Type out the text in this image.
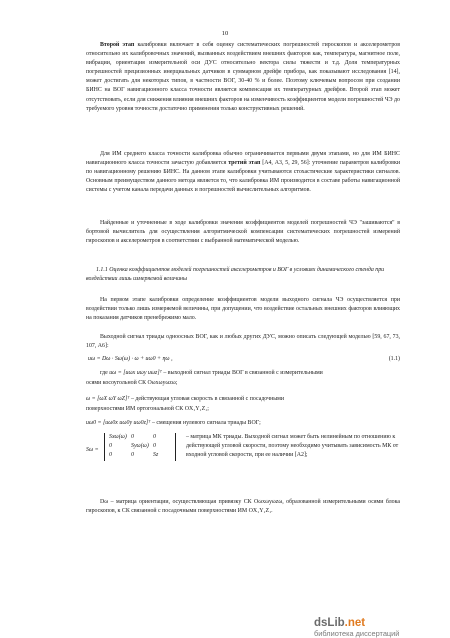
10

Второй этап калибровки включает в себя оценку систематических погрешностей гироскопов и акселерометров относительно их калибровочных значений, вызванных воздействием внешних факторов как, температура, магнитное поле, вибрации, ориентация измерительной оси ДУС относительно вектора силы тяжести и т.д. Доля температурных погрешностей прецизионных инерциальных датчиков в суммарном дрейфе прибора, как показывают исследования [14], может достигать для некоторых типов, в частности ВОГ, 30-40 % и более. Поэтому ключевым вопросом при создании БИНС на ВОГ навигационного класса точности является компенсация их температурных дрейфов. Второй этап может отсутствовать, если для снижения влияния внешних факторов на изменчивость коэффициентов модели погрешностей ЧЭ до требуемого уровня точности достаточно применения только конструктивных решений.

Для ИМ среднего класса точности калибровка обычно ограничивается первыми двумя этапами, но для ИМ БИНС навигационного класса точности зачастую добавляется третий этап [А4, А3, 5, 29, 56]: уточнение параметров калибровки по навигационному решению БИНС. На данном этапе калибровки учитываются стохастические характеристики сигналов. Основным преимуществом данного метода является то, что калибровка ИМ производится в составе работы навигационной системы с учетом канала передачи данных и погрешностей вычислительных алгоритмов.

Найденные и уточненные в ходе калибровки значения коэффициентов моделей погрешностей ЧЭ "зашиваются" в бортовой вычислитель для осуществления алгоритмической компенсации систематических погрешностей измерений гироскопов и акселерометров в соответствии с выбранной математической моделью.

1.1.1 Оценка коэффициентов моделей погрешностей акселерометров и ВОГ в условиях динамического стенда при воздействии лишь измеряемой величины

На первом этапе калибровки определение коэффициентов модели выходного сигнала ЧЭ осуществляется при воздействии только лишь измеряемой величины, при допущении, что воздействие остальных внешних факторов влияющих на показания датчиков пренебрежимо мало.

Выходной сигнал триады одноосных ВОГ, как и любых других ДУС, можно описать следующей моделью [59, 67, 73, 107, А6]:

uω = Dω · Sω(ω) · ω + uω0 + ηω ,	(1.1)
где uω = [uωx uωy uωz]ᵀ – выходной сигнал триады ВОГ в связанной с измерительными
осями косоугольной СК Oωxωyωzω;
ω = [ωX ωY ωZ]ᵀ – действующая угловая скорость в связанной с посадочными
поверхностями ИМ ортогональной СК OX₁Y₁Z₁;
uω0 = [uω0x uω0y uω0z]ᵀ – смещения нулевого сигнала триады ВОГ;
Sω =
Sxω(ω) 0	0
0	Syω(ω) 0
0	0	Sz
– матрица МК триады. Выходной сигнал может быть нелинейным по отношению к действующей угловой скорости, поэтому необходимо учитывать зависимость МК от входной угловой скорости, при ее наличии [А2];

Dω – матрица ориентации, осуществляющая привязку СК Oωxωyωzω, образованной измерительными осями блока гироскопов, к СК связанной с посадочными поверхностями ИМ OX₁Y₁Z₁.

dsLib.net
библиотека диссертаций
